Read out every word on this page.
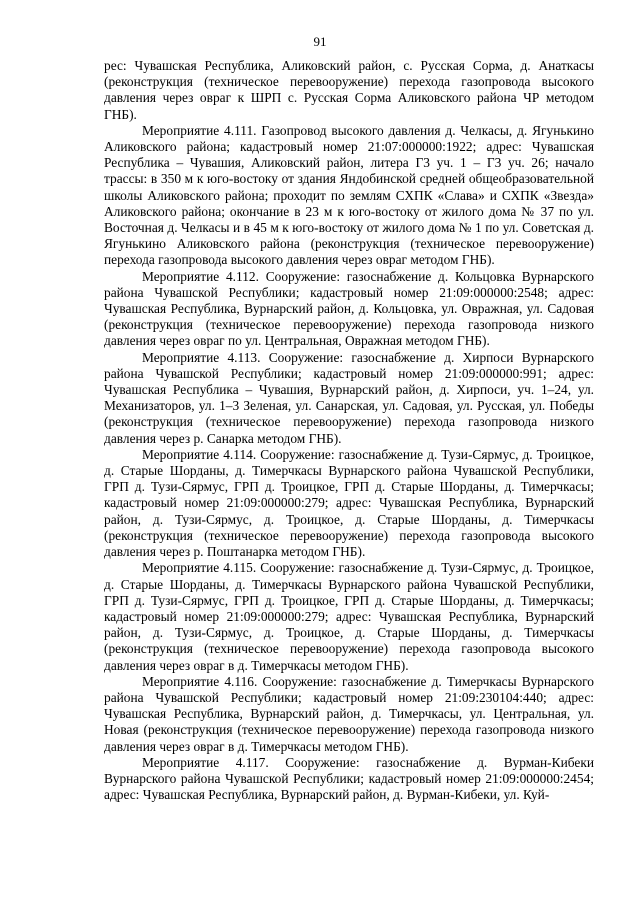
91

рес: Чувашская Республика, Аликовский район, с. Русская Сорма, д. Анаткасы (реконструкция (техническое перевооружение) перехода газопровода высокого давления через овраг к ШРП с. Русская Сорма Аликовского района ЧР методом ГНБ).

Мероприятие 4.111. Газопровод высокого давления д. Челкасы, д. Ягунькино Аликовского района; кадастровый номер 21:07:000000:1922; адрес: Чувашская Республика – Чувашия, Аликовский район, литера Г3 уч. 1 – Г3 уч. 26; начало трассы: в 350 м к юго-востоку от здания Яндобинской средней общеобразовательной школы Аликовского района; проходит по землям СХПК «Слава» и СХПК «Звезда» Аликовского района; окончание в 23 м к юго-востоку от жилого дома № 37 по ул. Восточная д. Челкасы и в 45 м к юго-востоку от жилого дома № 1 по ул. Советская д. Ягунькино Аликовского района (реконструкция (техническое перевооружение) перехода газопровода высокого давления через овраг методом ГНБ).

Мероприятие 4.112. Сооружение: газоснабжение д. Кольцовка Вурнарского района Чувашской Республики; кадастровый номер 21:09:000000:2548; адрес: Чувашская Республика, Вурнарский район, д. Кольцовка, ул. Овражная, ул. Садовая (реконструкция (техническое перевооружение) перехода газопровода низкого давления через овраг по ул. Центральная, Овражная методом ГНБ).

Мероприятие 4.113. Сооружение: газоснабжение д. Хирпоси Вурнарского района Чувашской Республики; кадастровый номер 21:09:000000:991; адрес: Чувашская Республика – Чувашия, Вурнарский район, д. Хирпоси, уч. 1–24, ул. Механизаторов, ул. 1–3 Зеленая, ул. Санарская, ул. Садовая, ул. Русская, ул. Победы (реконструкция (техническое перевооружение) перехода газопровода низкого давления через р. Санарка методом ГНБ).

Мероприятие 4.114. Сооружение: газоснабжение д. Тузи-Сярмус, д. Троицкое, д. Старые Шорданы, д. Тимерчкасы Вурнарского района Чувашской Республики, ГРП д. Тузи-Сярмус, ГРП д. Троицкое, ГРП д. Старые Шорданы, д. Тимерчкасы; кадастровый номер 21:09:000000:279; адрес: Чувашская Республика, Вурнарский район, д. Тузи-Сярмус, д. Троицкое, д. Старые Шорданы, д. Тимерчкасы (реконструкция (техническое перевооружение) перехода газопровода высокого давления через р. Поштанарка методом ГНБ).

Мероприятие 4.115. Сооружение: газоснабжение д. Тузи-Сярмус, д. Троицкое, д. Старые Шорданы, д. Тимерчкасы Вурнарского района Чувашской Республики, ГРП д. Тузи-Сярмус, ГРП д. Троицкое, ГРП д. Старые Шорданы, д. Тимерчкасы; кадастровый номер 21:09:000000:279; адрес: Чувашская Республика, Вурнарский район, д. Тузи-Сярмус, д. Троицкое, д. Старые Шорданы, д. Тимерчкасы (реконструкция (техническое перевооружение) перехода газопровода высокого давления через овраг в д. Тимерчкасы методом ГНБ).

Мероприятие 4.116. Сооружение: газоснабжение д. Тимерчкасы Вурнарского района Чувашской Республики; кадастровый номер 21:09:230104:440; адрес: Чувашская Республика, Вурнарский район, д. Тимерчкасы, ул. Центральная, ул. Новая (реконструкция (техническое перевооружение) перехода газопровода низкого давления через овраг в д. Тимерчкасы методом ГНБ).

Мероприятие 4.117. Сооружение: газоснабжение д. Вурман-Кибеки Вурнарского района Чувашской Республики; кадастровый номер 21:09:000000:2454; адрес: Чувашская Республика, Вурнарский район, д. Вурман-Кибеки, ул. Куй-
